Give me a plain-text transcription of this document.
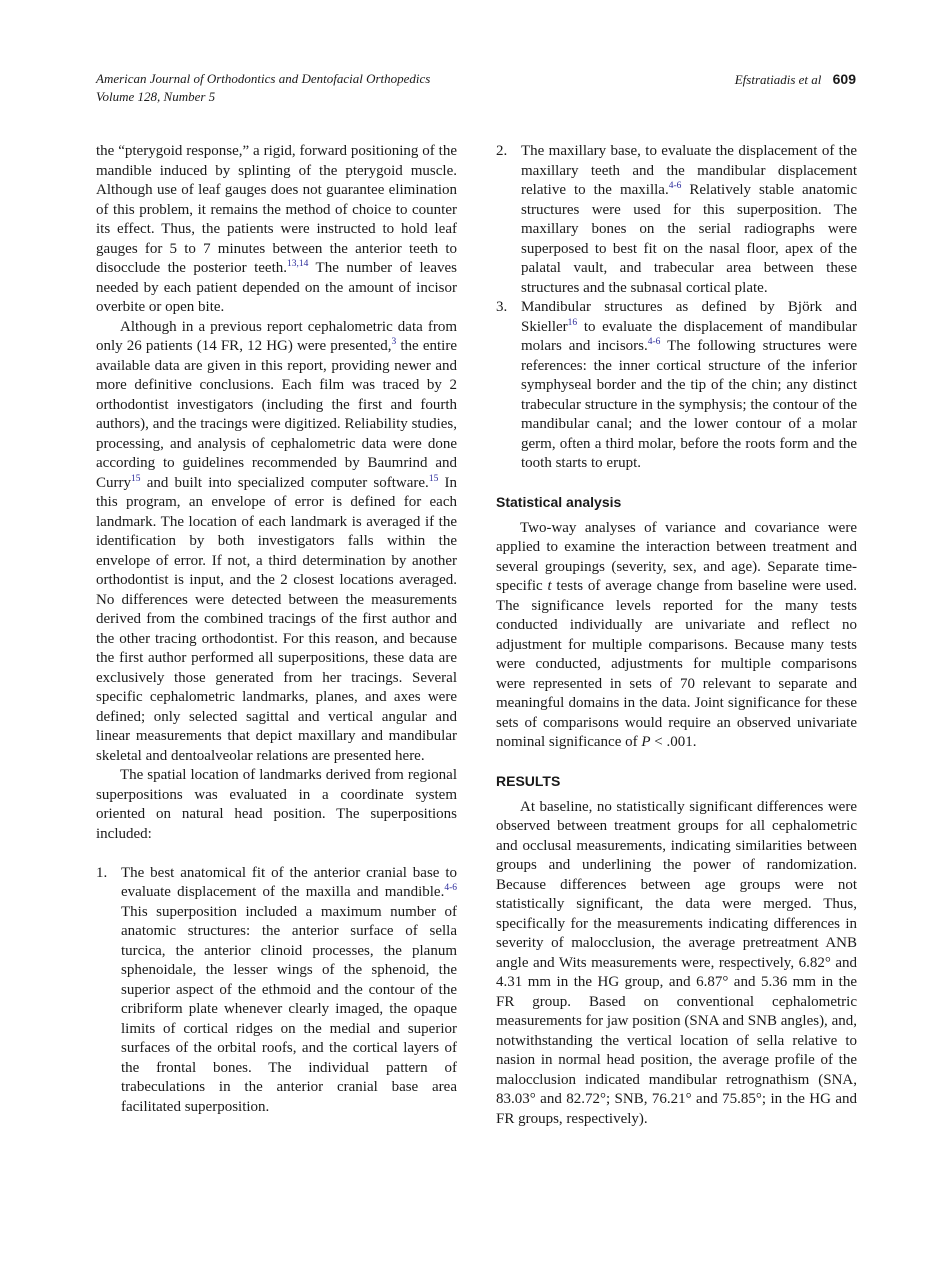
American Journal of Orthodontics and Dentofacial Orthopedics
Volume 128, Number 5
Efstratiadis et al 609

the “pterygoid response,” a rigid, forward positioning of the mandible induced by splinting of the pterygoid muscle. Although use of leaf gauges does not guarantee elimination of this problem, it remains the method of choice to counter its effect. Thus, the patients were instructed to hold leaf gauges for 5 to 7 minutes between the anterior teeth to disocclude the posterior teeth.$^{13,14}$ The number of leaves needed by each patient depended on the amount of incisor overbite or open bite.

Although in a previous report cephalometric data from only 26 patients (14 FR, 12 HG) were presented,$^3$ the entire available data are given in this report, providing newer and more definitive conclusions. Each film was traced by 2 orthodontist investigators (including the first and fourth authors), and the tracings were digitized. Reliability studies, processing, and analysis of cephalometric data were done according to guidelines recommended by Baumrind and Curry$^{15}$ and built into specialized computer software.$^{15}$ In this program, an envelope of error is defined for each landmark. The location of each landmark is averaged if the identification by both investigators falls within the envelope of error. If not, a third determination by another orthodontist is input, and the 2 closest locations averaged. No differences were detected between the measurements derived from the combined tracings of the first author and the other tracing orthodontist. For this reason, and because the first author performed all superpositions, these data are exclusively those generated from her tracings. Several specific cephalometric landmarks, planes, and axes were defined; only selected sagittal and vertical angular and linear measurements that depict maxillary and mandibular skeletal and dentoalveolar relations are presented here.

The spatial location of landmarks derived from regional superpositions was evaluated in a coordinate system oriented on natural head position. The superpositions included:

1. The best anatomical fit of the anterior cranial base to evaluate displacement of the maxilla and mandible.$^{4-6}$ This superposition included a maximum number of anatomic structures: the anterior surface of sella turcica, the anterior clinoid processes, the planum sphenoidale, the lesser wings of the sphenoid, the superior aspect of the ethmoid and the contour of the cribriform plate whenever clearly imaged, the opaque limits of cortical ridges on the medial and superior surfaces of the orbital roofs, and the cortical layers of the frontal bones. The individual pattern of trabeculations in the anterior cranial base area facilitated superposition.

2. The maxillary base, to evaluate the displacement of the maxillary teeth and the mandibular displacement relative to the maxilla.$^{4-6}$ Relatively stable anatomic structures were used for this superposition. The maxillary bones on the serial radiographs were superposed to best fit on the nasal floor, apex of the palatal vault, and trabecular area between these structures and the subnasal cortical plate.

3. Mandibular structures as defined by Björk and Skieller$^{16}$ to evaluate the displacement of mandibular molars and incisors.$^{4-6}$ The following structures were references: the inner cortical structure of the inferior symphyseal border and the tip of the chin; any distinct trabecular structure in the symphysis; the contour of the mandibular canal; and the lower contour of a molar germ, often a third molar, before the roots form and the tooth starts to erupt.

Statistical analysis

Two-way analyses of variance and covariance were applied to examine the interaction between treatment and several groupings (severity, sex, and age). Separate time-specific t tests of average change from baseline were used. The significance levels reported for the many tests conducted individually are univariate and reflect no adjustment for multiple comparisons. Because many tests were conducted, adjustments for multiple comparisons were represented in sets of 70 relevant to separate and meaningful domains in the data. Joint significance for these sets of comparisons would require an observed univariate nominal significance of P < .001.

RESULTS

At baseline, no statistically significant differences were observed between treatment groups for all cephalometric and occlusal measurements, indicating similarities between groups and underlining the power of randomization. Because differences between age groups were not statistically significant, the data were merged. Thus, specifically for the measurements indicating differences in severity of malocclusion, the average pretreatment ANB angle and Wits measurements were, respectively, 6.82° and 4.31 mm in the HG group, and 6.87° and 5.36 mm in the FR group. Based on conventional cephalometric measurements for jaw position (SNA and SNB angles), and, notwithstanding the vertical location of sella relative to nasion in normal head position, the average profile of the malocclusion indicated mandibular retrognathism (SNA, 83.03° and 82.72°; SNB, 76.21° and 75.85°; in the HG and FR groups, respectively).
